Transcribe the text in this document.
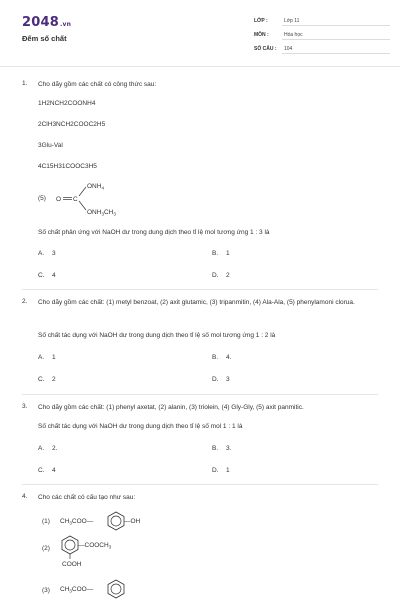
2048.vn
Đếm số chất
LỚP :	Lớp 11
MÔN :	Hóa học
SỐ CÂU :	104
1. Cho dãy gồm các chất có công thức sau:
1H2NCH2COONH4
2ClH3NCH2COOC2H5
3Glu-Val
4C15H31COOC3H5
(5) O C
$ONH_4$
$ONH_3CH_3$
Số chất phản ứng với NaOH dư trong dung dịch theo tỉ lệ mol tương ứng 1 : 3 là
A. 3	B. 1
C. 4	D. 2
2. Cho dãy gồm các chất: (1) metyl benzoat, (2) axit glutamic, (3) tripanmitin, (4) Ala-Ala, (5) phenylamoni clorua.
Số chất tác dụng với NaOH dư trong dung dịch theo tỉ lệ số mol tương ứng 1 : 2 là
A. 1	B. 4.
C. 2	D. 3
3. Cho dãy gồm các chất: (1) phenyl axetat, (2) alanin, (3) triolein, (4) Gly-Gly, (5) axit panmitic.
Số chất tác dụng với NaOH dư trong dung dịch theo tỉ lệ số mol 1 : 1 là
A. 2.	B. 3.
C. 4	D. 1
4. Cho các chất có cấu tạo như sau:
(1) $CH_3COO—$	—OH
(2)	$—COOCH_3$
COOH
(3) $CH_3COO—$
